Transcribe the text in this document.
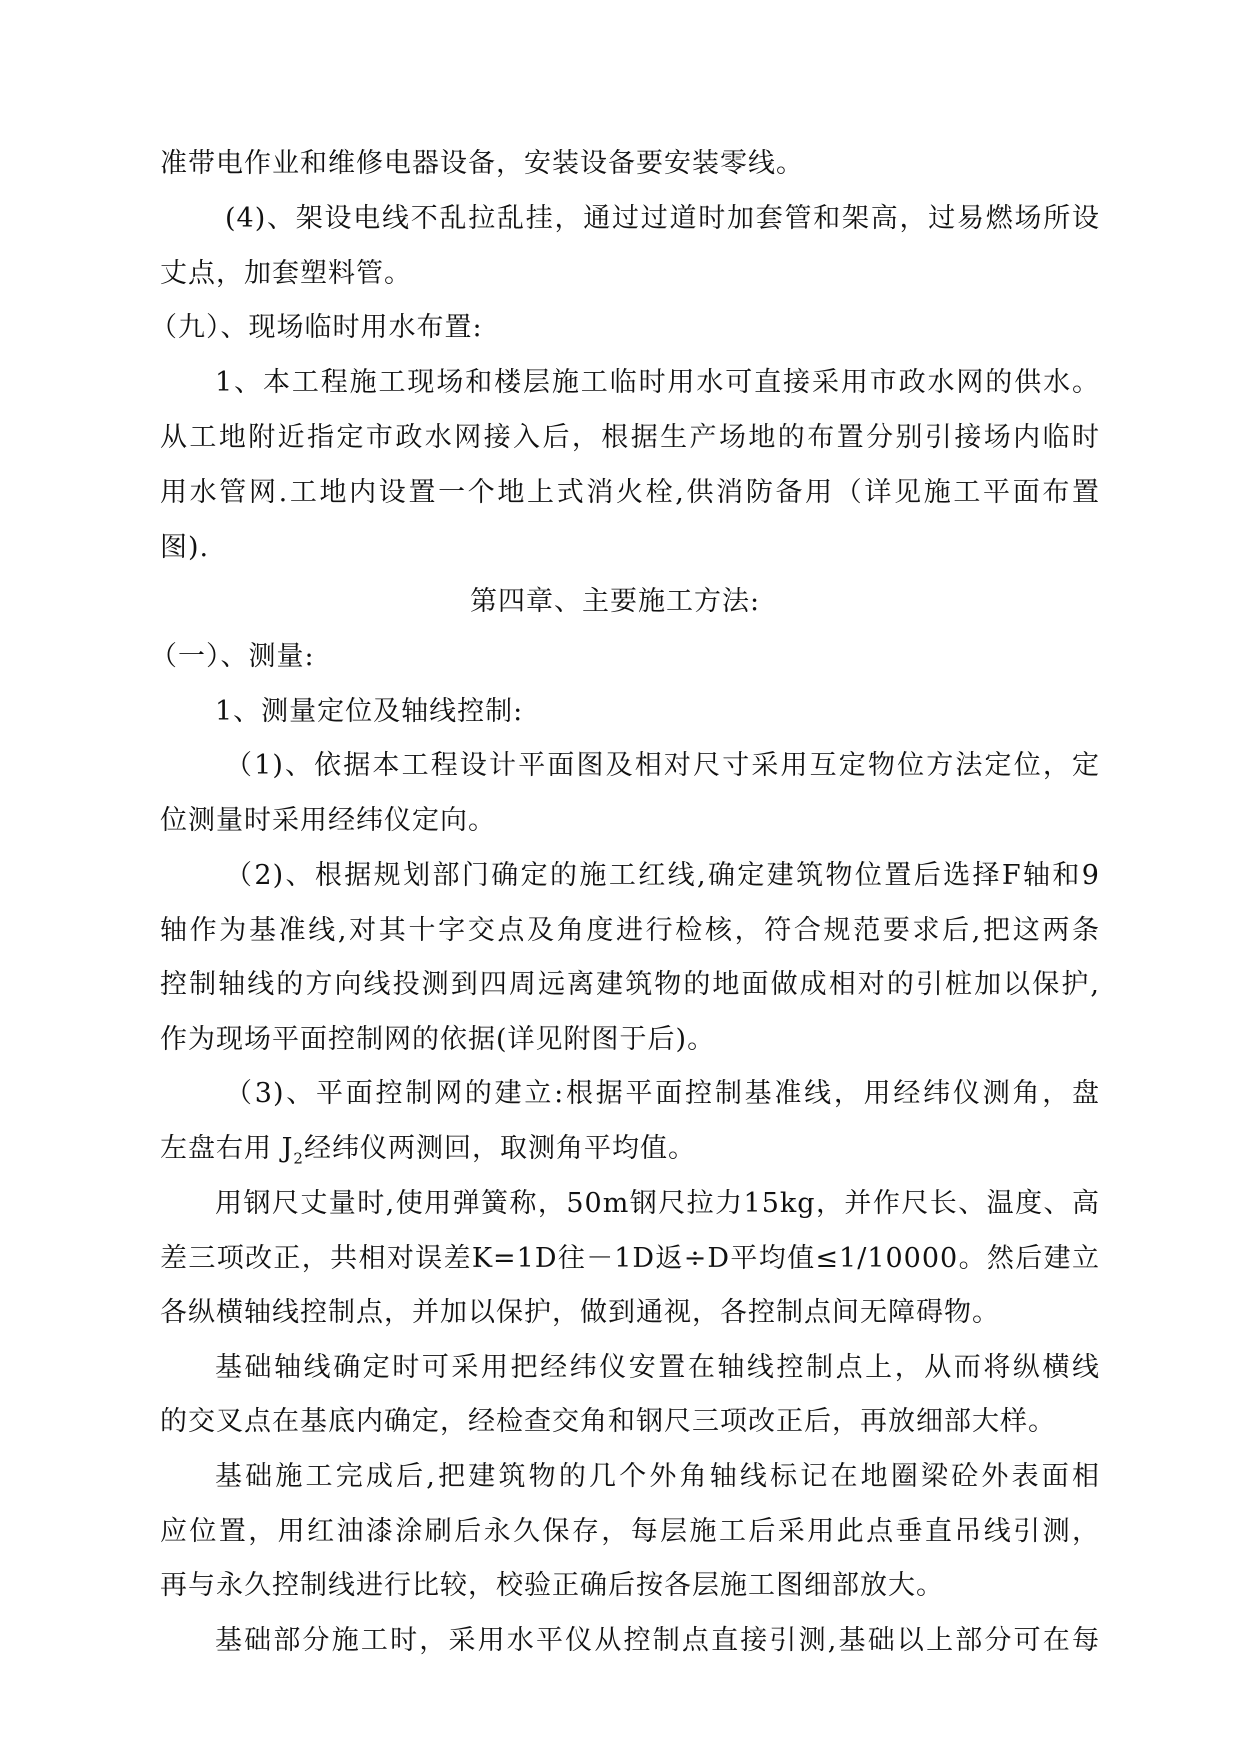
准带电作业和维修电器设备，安装设备要安装零线。
(4)、架设电线不乱拉乱挂，通过过道时加套管和架高，过易燃场所设
丈点，加套塑料管。
（九）、现场临时用水布置:
1、本工程施工现场和楼层施工临时用水可直接采用市政水网的供水。
从工地附近指定市政水网接入后，根据生产场地的布置分别引接场内临时
用水管网.工地内设置一个地上式消火栓,供消防备用（详见施工平面布置
图).
第四章、主要施工方法:
（一）、测量:
1、测量定位及轴线控制:
（1)、依据本工程设计平面图及相对尺寸采用互定物位方法定位，定
位测量时采用经纬仪定向。
（2)、根据规划部门确定的施工红线,确定建筑物位置后选择F轴和9
轴作为基准线,对其十字交点及角度进行检核，符合规范要求后,把这两条
控制轴线的方向线投测到四周远离建筑物的地面做成相对的引桩加以保护,
作为现场平面控制网的依据(详见附图于后)。
（3)、平面控制网的建立:根据平面控制基准线，用经纬仪测角，盘
左盘右用 $J_2$经纬仪两测回，取测角平均值。
用钢尺丈量时,使用弹簧称，50m钢尺拉力15kg，并作尺长、温度、高
差三项改正，共相对误差K=1D往－1D返÷D平均值≤1/10000。然后建立
各纵横轴线控制点，并加以保护，做到通视，各控制点间无障碍物。
基础轴线确定时可采用把经纬仪安置在轴线控制点上，从而将纵横线
的交叉点在基底内确定，经检查交角和钢尺三项改正后，再放细部大样。
基础施工完成后,把建筑物的几个外角轴线标记在地圈梁砼外表面相
应位置，用红油漆涂刷后永久保存，每层施工后采用此点垂直吊线引测，
再与永久控制线进行比较，校验正确后按各层施工图细部放大。
基础部分施工时，采用水平仪从控制点直接引测,基础以上部分可在每
